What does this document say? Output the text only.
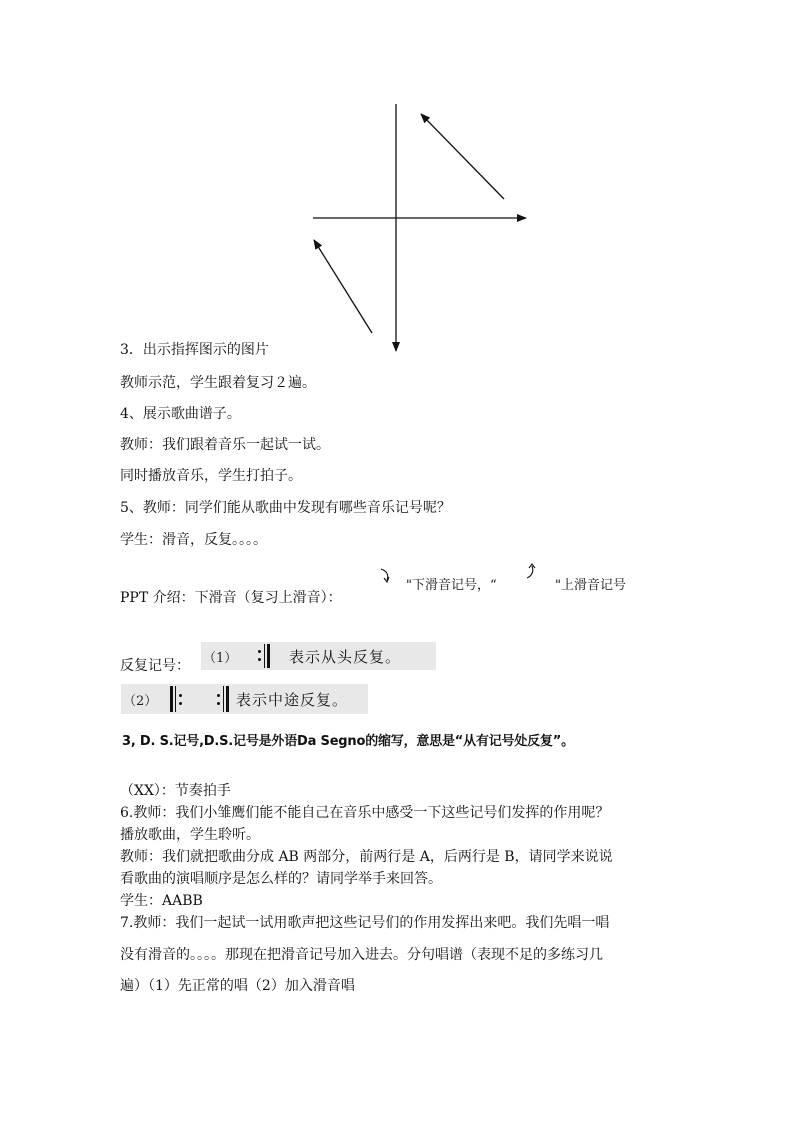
3．出示指挥图示的图片
教师示范，学生跟着复习２遍。
4、展示歌曲谱子。
教师：我们跟着音乐一起试一试。
同时播放音乐，学生打拍子。
5、教师：同学们能从歌曲中发现有哪些音乐记号呢？
学生：滑音，反复。。。。
PPT 介绍：下滑音（复习上滑音）：
"下滑音记号，“	"上滑音记号
反复记号： （1）	表示从头反复。
（2）	表示中途反复。
3, D. S.记号,D.S.记号是外语Da Segno的缩写，意思是“从有记号处反复”。
（XX）：节奏拍手
6.教师：我们小雏鹰们能不能自己在音乐中感受一下这些记号们发挥的作用呢？
播放歌曲，学生聆听。
教师：我们就把歌曲分成 AB 两部分，前两行是 A，后两行是 B，请同学来说说
看歌曲的演唱顺序是怎么样的？请同学举手来回答。
学生：AABB
7.教师：我们一起试一试用歌声把这些记号们的作用发挥出来吧。我们先唱一唱
没有滑音的。。。。那现在把滑音记号加入进去。分句唱谱（表现不足的多练习几
遍）（1）先正常的唱（2）加入滑音唱
